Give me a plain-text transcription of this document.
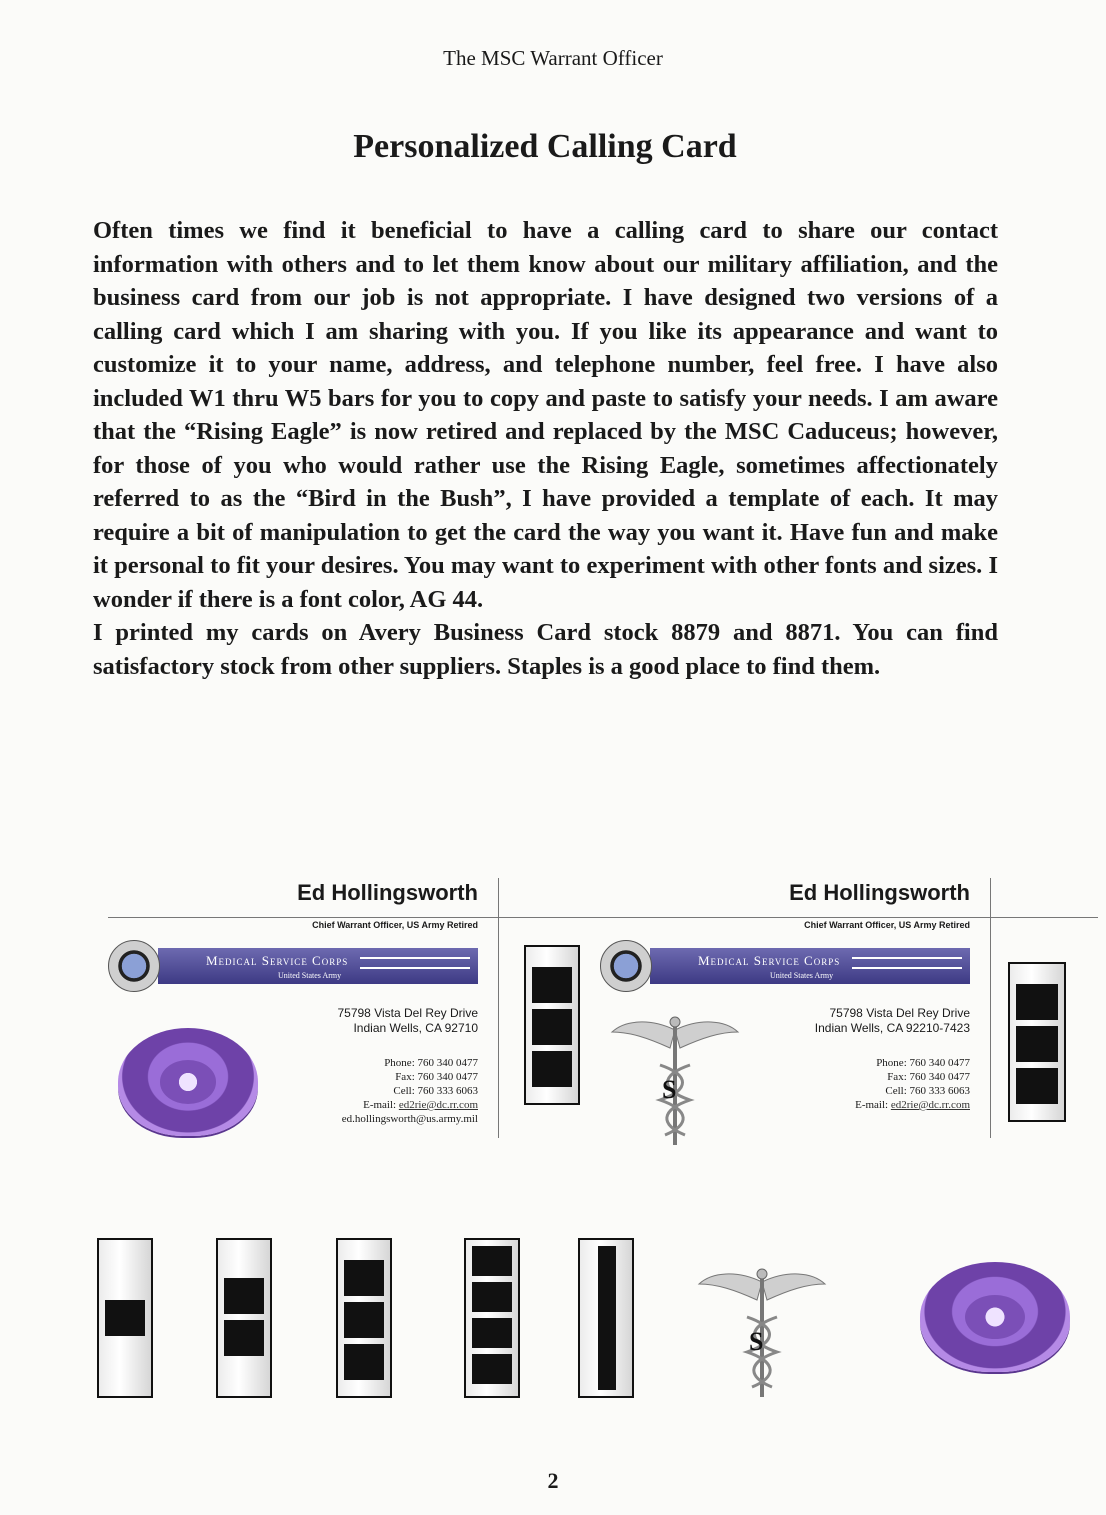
The MSC Warrant Officer
Personalized Calling Card

Often times we find it beneficial to have a calling card to share our contact information with others and to let them know about our military affiliation, and the business card from our job is not appropriate. I have designed two versions of a calling card which I am sharing with you. If you like its appearance and want to customize it to your name, address, and telephone number, feel free. I have also included W1 thru W5 bars for you to copy and paste to satisfy your needs. I am aware that the “Rising Eagle” is now retired and replaced by the MSC Caduceus; however, for those of you who would rather use the Rising Eagle, sometimes affectionately referred to as the “Bird in the Bush”, I have provided a template of each. It may require a bit of manipulation to get the card the way you want it. Have fun and make it personal to fit your desires. You may want to experiment with other fonts and sizes. I wonder if there is a font color, AG 44.

I printed my cards on Avery Business Card stock 8879 and 8871. You can find satisfactory stock from other suppliers. Staples is a good place to find them.

Ed Hollingsworth
Chief Warrant Officer, US Army Retired
Medical Service Corps
United States Army
75798 Vista Del Rey Drive
Indian Wells, CA 92710
Phone: 760 340 0477
Fax: 760 340 0477
Cell: 760 333 6063
E-mail: ed2rie@dc.rr.com
ed.hollingsworth@us.army.mil
Ed Hollingsworth
Chief Warrant Officer, US Army Retired
Medical Service Corps
United States Army
S
75798 Vista Del Rey Drive
Indian Wells, CA 92210-7423
Phone: 760 340 0477
Fax: 760 340 0477
Cell: 760 333 6063
E-mail: ed2rie@dc.rr.com
S
2
